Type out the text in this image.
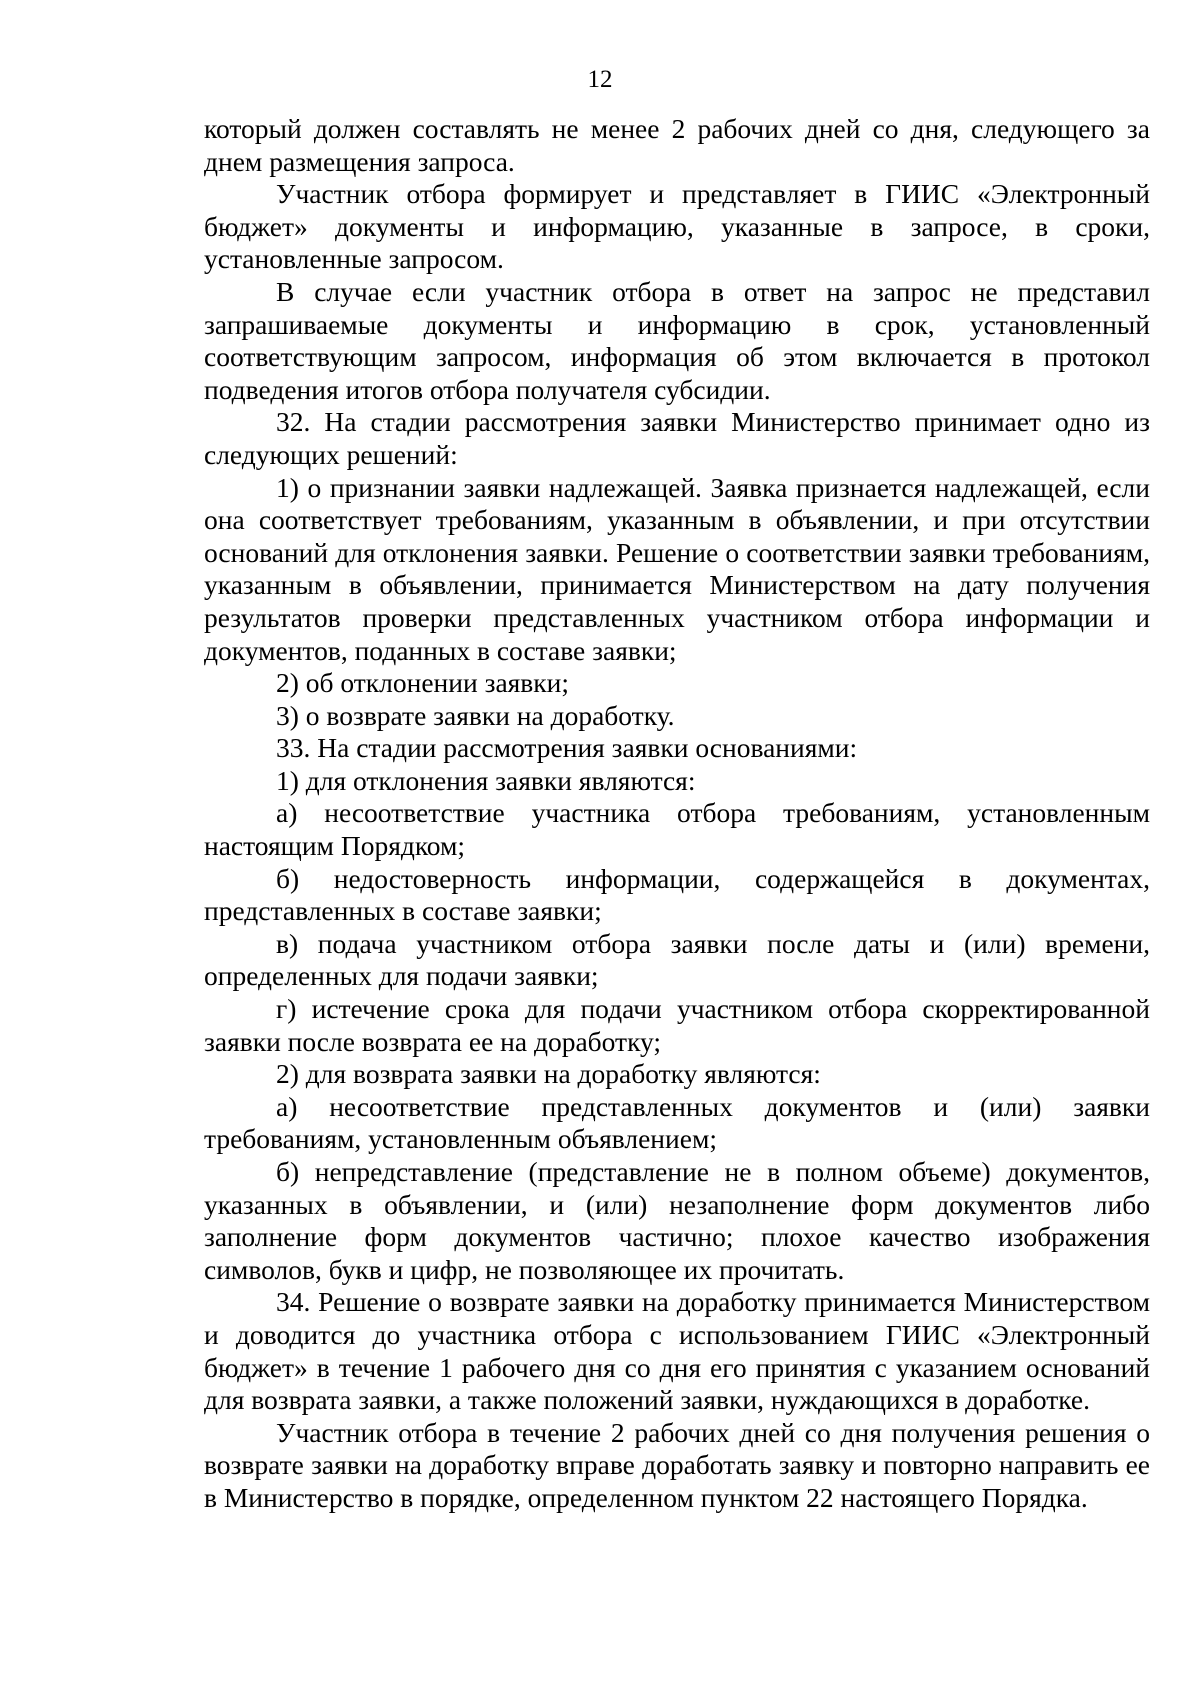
12

который должен составлять не менее 2 рабочих дней со дня, следующего за днем размещения запроса.

Участник отбора формирует и представляет в ГИИС «Электронный бюджет» документы и информацию, указанные в запросе, в сроки, установленные запросом.

В случае если участник отбора в ответ на запрос не представил запрашиваемые документы и информацию в срок, установленный соответствующим запросом, информация об этом включается в протокол подведения итогов отбора получателя субсидии.

32. На стадии рассмотрения заявки Министерство принимает одно из следующих решений:

1) о признании заявки надлежащей. Заявка признается надлежащей, если она соответствует требованиям, указанным в объявлении, и при отсутствии оснований для отклонения заявки. Решение о соответствии заявки требованиям, указанным в объявлении, принимается Министерством на дату получения результатов проверки представленных участником отбора информации и документов, поданных в составе заявки;

2) об отклонении заявки;

3) о возврате заявки на доработку.

33. На стадии рассмотрения заявки основаниями:

1) для отклонения заявки являются:

а) несоответствие участника отбора требованиям, установленным настоящим Порядком;

б) недостоверность информации, содержащейся в документах, представленных в составе заявки;

в) подача участником отбора заявки после даты и (или) времени, определенных для подачи заявки;

г) истечение срока для подачи участником отбора скорректированной заявки после возврата ее на доработку;

2) для возврата заявки на доработку являются:

а) несоответствие представленных документов и (или) заявки требованиям, установленным объявлением;

б) непредставление (представление не в полном объеме) документов, указанных в объявлении, и (или) незаполнение форм документов либо заполнение форм документов частично; плохое качество изображения символов, букв и цифр, не позволяющее их прочитать.

34. Решение о возврате заявки на доработку принимается Министерством и доводится до участника отбора с использованием ГИИС «Электронный бюджет» в течение 1 рабочего дня со дня его принятия с указанием оснований для возврата заявки, а также положений заявки, нуждающихся в доработке.

Участник отбора в течение 2 рабочих дней со дня получения решения о возврате заявки на доработку вправе доработать заявку и повторно направить ее в Министерство в порядке, определенном пунктом 22 настоящего Порядка.
